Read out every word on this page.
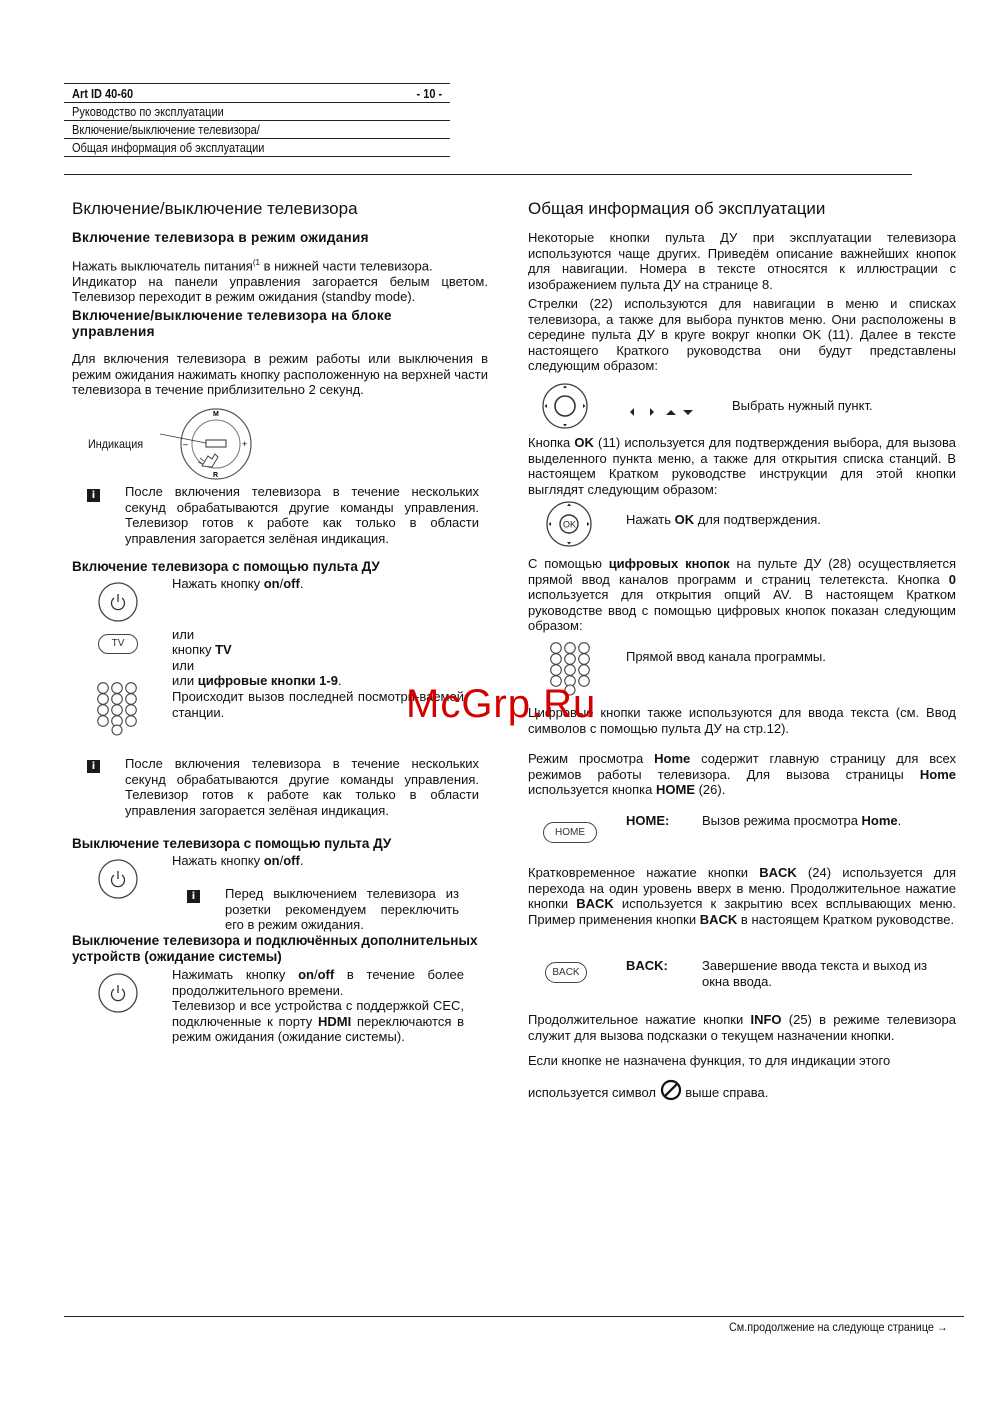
Art ID 40-60	- 10 -
Руководство по эксплуатации
Включение/выключение телевизора/
Общая информация об эксплуатации
Включение/выключение телевизора
Включение телевизора в режим ожидания
Нажать выключатель питания$^{(1}$ в нижней части телевизора.
Индикатор на панели управления загорается белым цветом. Телевизор переходит в режим ожидания (standby mode).
Включение/выключение телевизора на блоке управления
Для включения телевизора в режим работы или выключения в режим ожидания нажимать кнопку расположенную на верхней части телевизора в течение приблизительно 2 секунд.
Индикация
M
R
–	+
i	После включения телевизора в течение нескольких секунд обрабатываются другие команды управления. Телевизор готов к работе как только в области управления загорается зелёная индикация.
Включение телевизора с помощью пульта ДУ
Нажать кнопку on/off.
TV
или
кнопку TV
или
или цифровые кнопки 1-9.
Происходит вызов последней посмотри-ваемой станции.
i	После включения телевизора в течение нескольких секунд обрабатываются другие команды управления. Телевизор готов к работе как только в области управления загорается зелёная индикация.
Выключение телевизора с помощью пульта ДУ
Нажать кнопку on/off.
i	Перед выключением телевизора из розетки рекомендуем переключить его в режим ожидания.
Выключение телевизора и подключённых дополнительных устройств (ожидание системы)
Нажимать кнопку on/off в течение более продолжительного времени.
Телевизор и все устройства с поддержкой CEC, подключенные к порту HDMI переключаются в режим ожидания (ожидание системы).
Общая информация об эксплуатации
Некоторые кнопки пульта ДУ при эксплуатации телевизора используются чаще других. Приведём описание важнейших кнопок для навигации. Номера в тексте относятся к иллюстрации с изображением пульта ДУ на странице 8.
Стрелки (22) используются для навигации в меню и списках телевизора, а также для выбора пунктов меню. Они расположены в середине пульта ДУ в круге вокруг кнопки OK (11). Далее в тексте настоящего Краткого руководства они будут представлены следующим образом:
Выбрать нужный пункт.
Кнопка OK (11) используется для подтверждения выбора, для вызова выделенного пункта меню, а также для открытия списка станций. В настоящем Кратком руководстве инструкции для этой кнопки выглядят следующим образом:
OK	Нажать OK для подтверждения.
С помощью цифровых кнопок на пульте ДУ (28) осуществляется прямой ввод каналов программ и страниц телетекста. Кнопка 0 используется для открытия опций AV. В настоящем Кратком руководстве ввод с помощью цифровых кнопок показан следующим образом:
Прямой ввод канала программы.
Цифровые кнопки также используются для ввода текста (см. Ввод символов с помощью пульта ДУ на стр.12).
Режим просмотра Home содержит главную страницу для всех режимов работы телевизора. Для вызова страницы Home используется кнопка HOME (26).
HOME
HOME:	Вызов режима просмотра Home.
Кратковременное нажатие кнопки BACK (24) используется для перехода на один уровень вверх в меню. Продолжительное нажатие кнопки BACK используется к закрытию всех всплывающих меню. Пример применения кнопки BACK в настоящем Кратком руководстве.
BACK	BACK:	Завершение ввода текста и выход из окна ввода.
Продолжительное нажатие кнопки INFO (25) в режиме телевизора служит для вызова подсказки о текущем назначении кнопки.
Если кнопке не назначена функция, то для индикации этого
используется символ  выше справа.
McGrp.Ru
См.продолжение на следующе странице →
